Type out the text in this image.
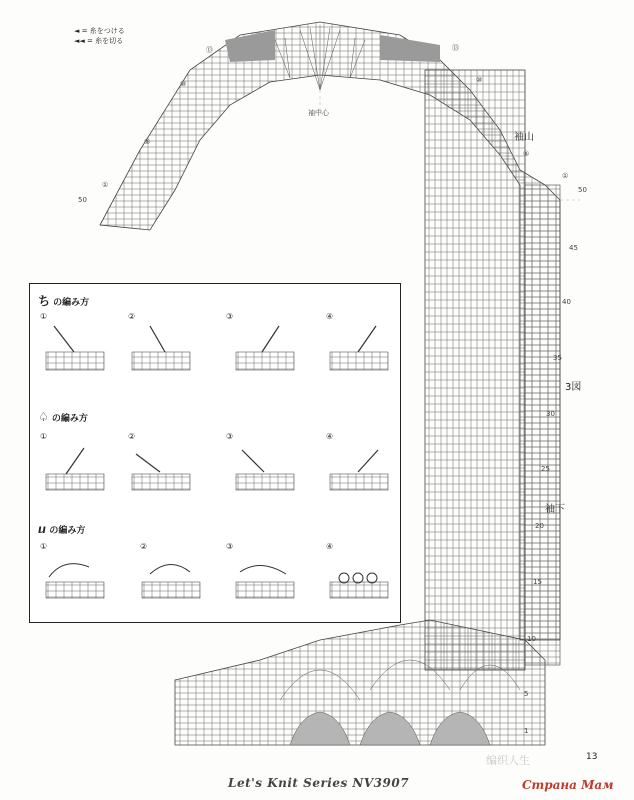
◄ = 糸をつける
◄◄ = 糸を切る
袖山
3図
袖下
袖中心
⑬	⑬
⑩	⑩
⑤
⑤
①
①
50
50
45
40
35
30
25
20
15
10
5
1
ち の編み方
♤ の編み方
ⴎ の編み方
①	②	③	④
①	②	③	④
①	②	③	④
编织人生	13
Let's Knit Series NV3907	Страна Мам
